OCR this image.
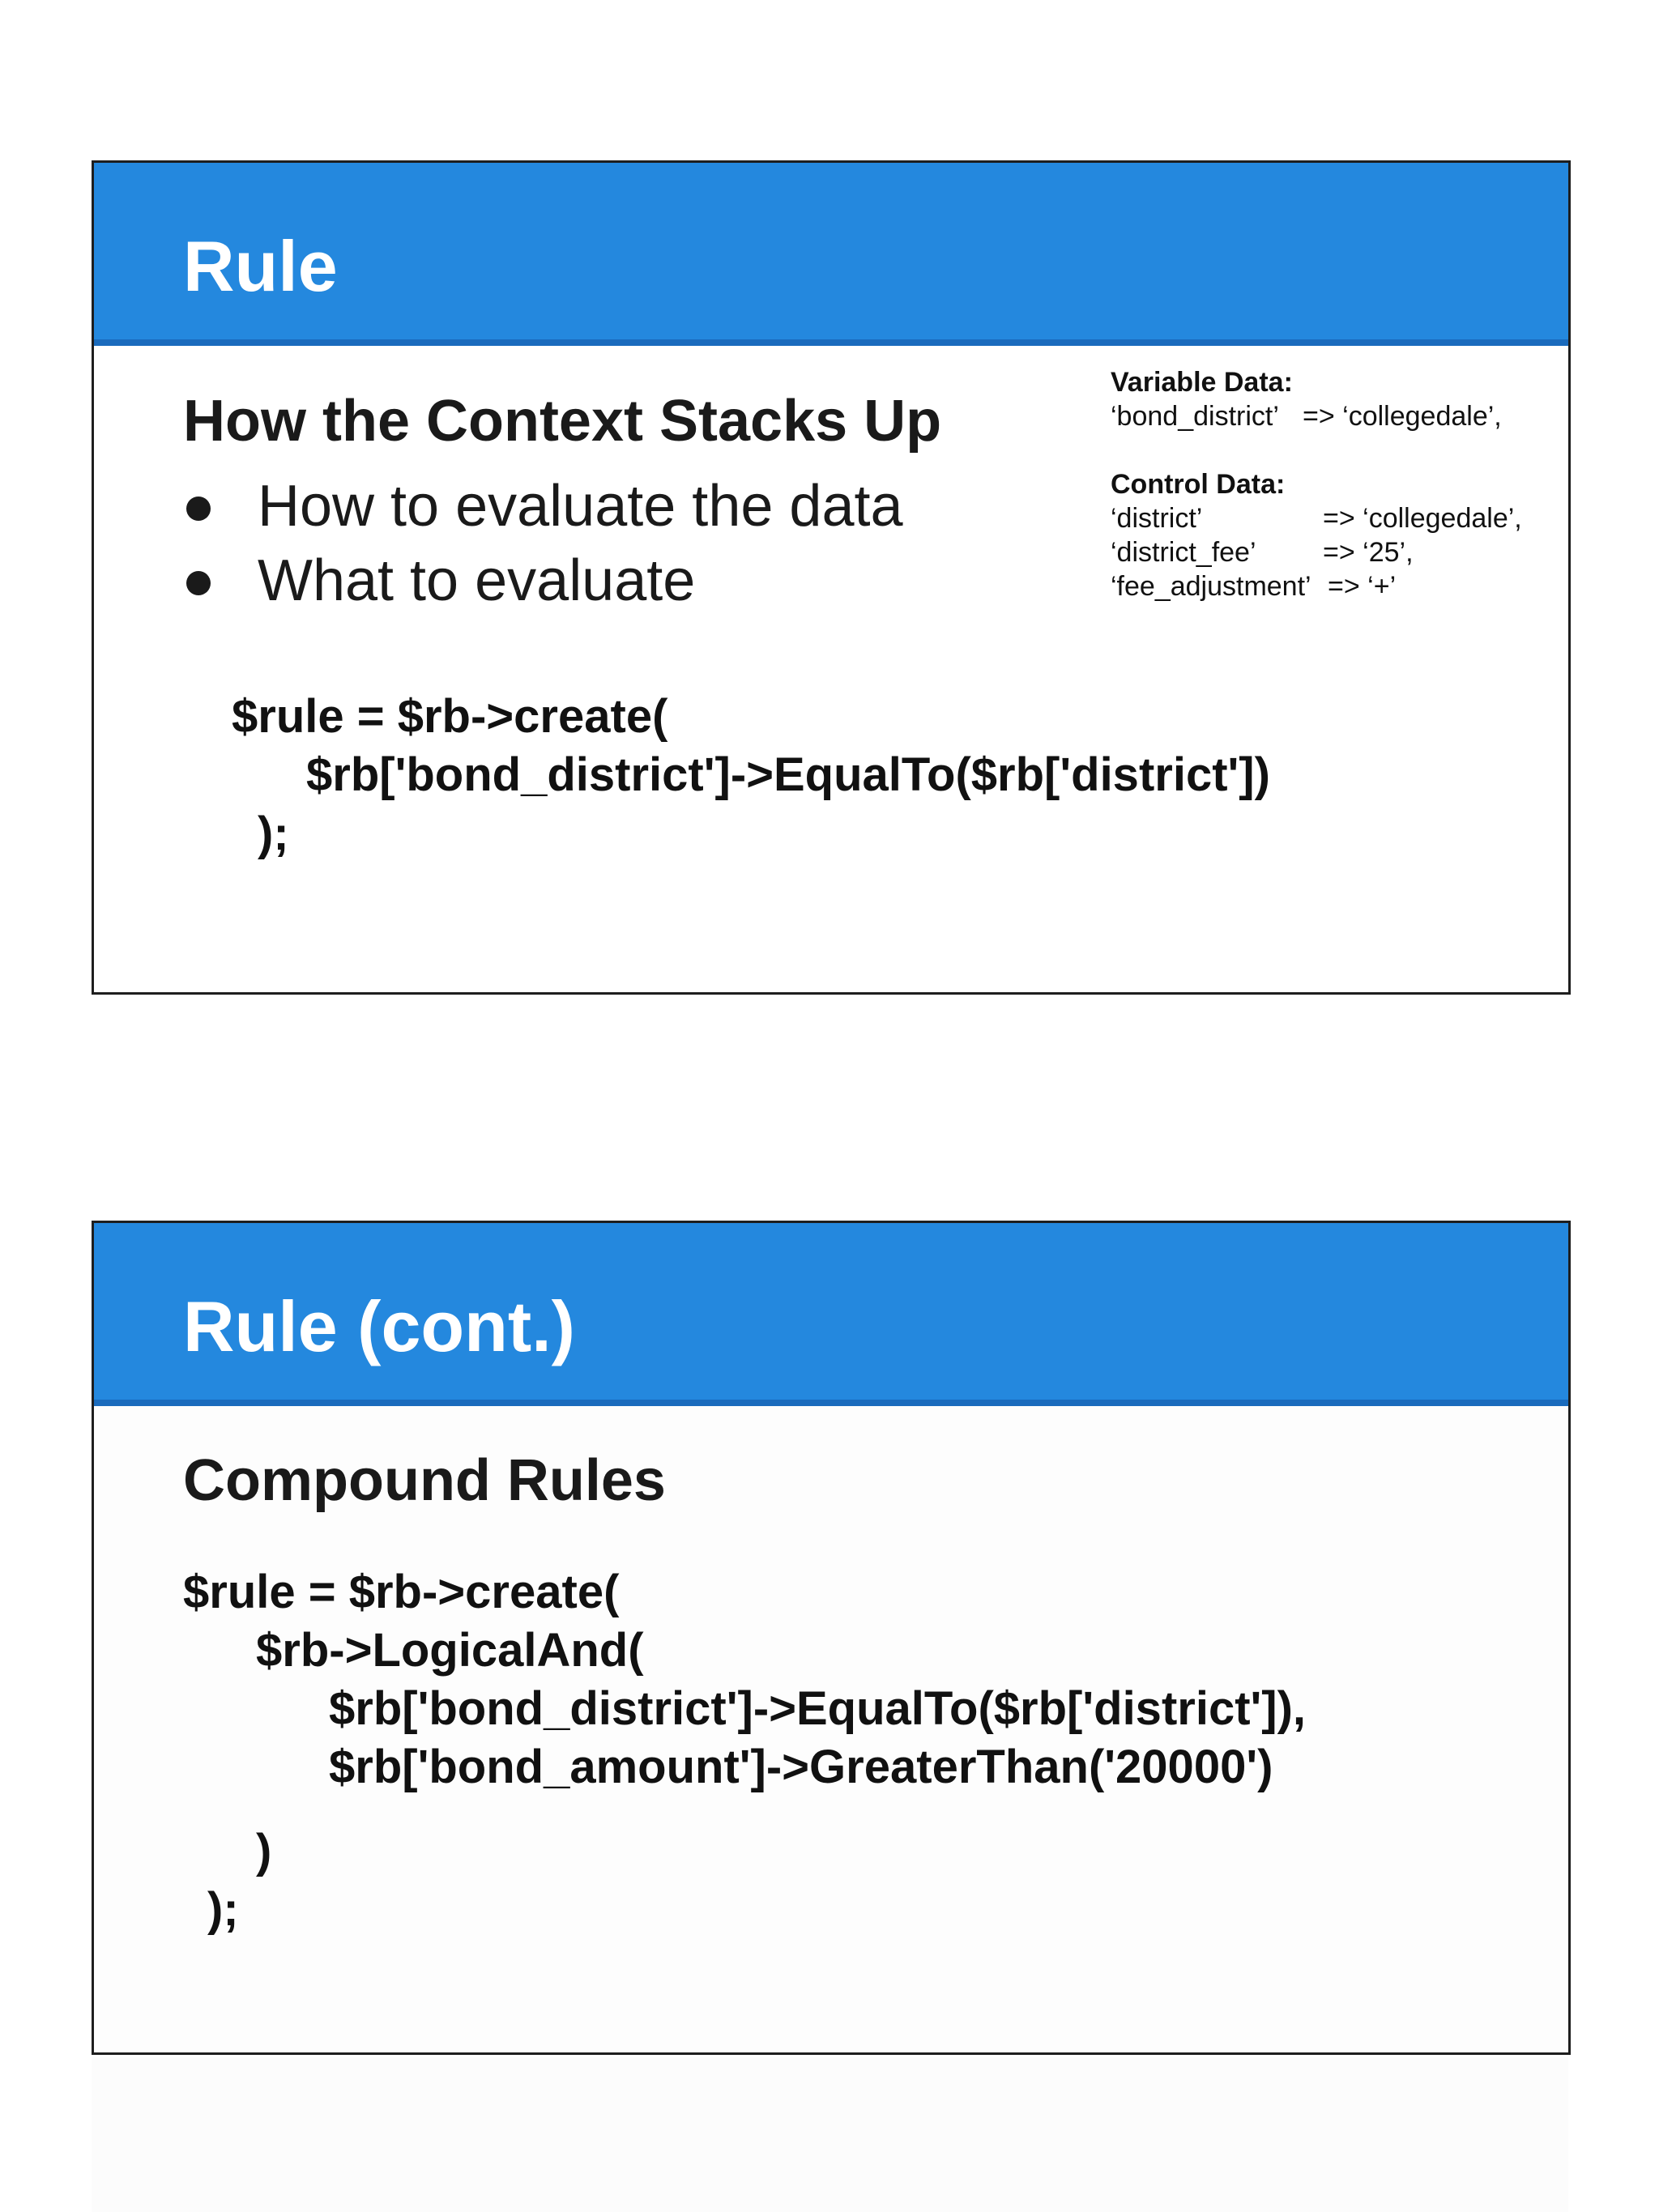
Rule
How the Context Stacks Up
How to evaluate the data
What to evaluate
Variable Data:
‘bond_district’ => ‘collegedale’,
Control Data:
‘district’	=> ‘collegedale’,
‘district_fee’ => ‘25’,
‘fee_adjustment’ => ‘+’
$rule = $rb->create(
$rb['bond_district']->EqualTo($rb['district'])
);
Rule (cont.)
Compound Rules
$rule = $rb->create(
$rb->LogicalAnd(
$rb['bond_district']->EqualTo($rb['district']),
$rb['bond_amount']->GreaterThan('20000')
)
);
